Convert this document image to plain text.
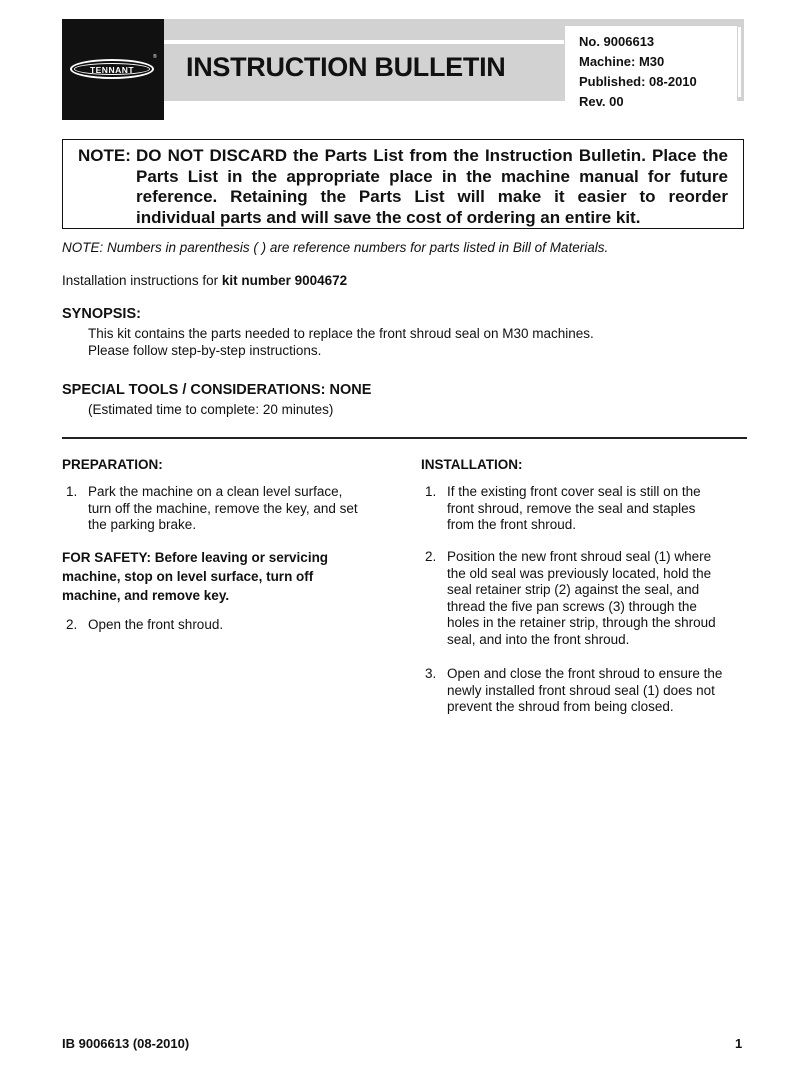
TENNANT
® INSTRUCTION BULLETIN
No. 9006613
Machine: M30
Published: 08-2010
Rev. 00
NOTE: DO NOT DISCARD the Parts List from the Instruction Bulletin. Place the Parts List in the appropriate place in the machine manual for future reference. Retaining the Parts List will make it easier to reorder individual parts and will save the cost of ordering an entire kit.
NOTE: Numbers in parenthesis ( ) are reference numbers for parts listed in Bill of Materials.
Installation instructions for kit number 9004672
SYNOPSIS:
This kit contains the parts needed to replace the front shroud seal on M30 machines.
Please follow step-by-step instructions.
SPECIAL TOOLS / CONSIDERATIONS: NONE
(Estimated time to complete: 20 minutes)
PREPARATION:
1. Park the machine on a clean level surface,
turn off the machine, remove the key, and set
the parking brake.
FOR SAFETY: Before leaving or servicing machine, stop on level surface, turn off machine, and remove key.
2. Open the front shroud.
INSTALLATION:
1. If the existing front cover seal is still on the
front shroud, remove the seal and staples
from the front shroud.
2. Position the new front shroud seal (1) where
the old seal was previously located, hold the
seal retainer strip (2) against the seal, and
thread the five pan screws (3) through the
holes in the retainer strip, through the shroud
seal, and into the front shroud.
3. Open and close the front shroud to ensure the
newly installed front shroud seal (1) does not
prevent the shroud from being closed.
IB 9006613 (08-2010)	1
